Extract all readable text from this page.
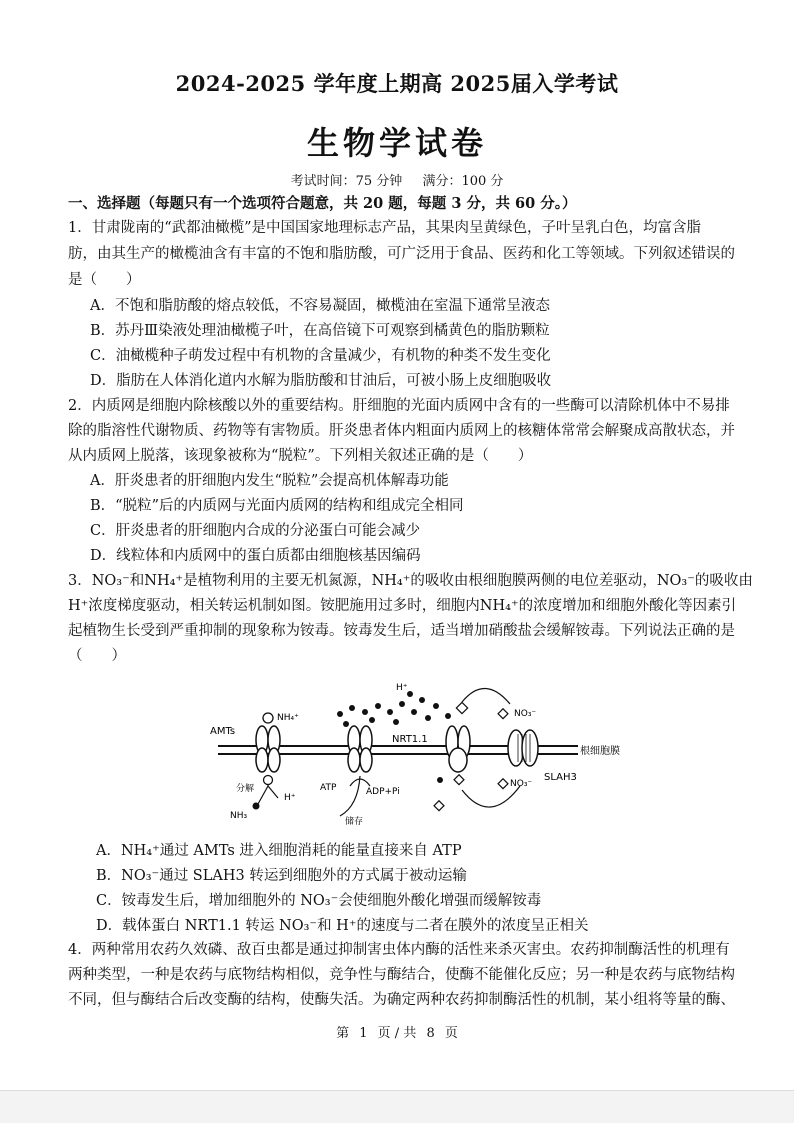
2024-2025 学年度上期高 2025届入学考试
生物学试卷
考试时间：75 分钟 满分：100 分
一、选择题（每题只有一个选项符合题意，共 20 题，每题 3 分，共 60 分。）
1．甘肃陇南的“武都油橄榄”是中国国家地理标志产品，其果肉呈黄绿色，子叶呈乳白色，均富含脂
肪，由其生产的橄榄油含有丰富的不饱和脂肪酸，可广泛用于食品、医药和化工等领域。下列叙述错误的
是（　　）
A．不饱和脂肪酸的熔点较低，不容易凝固，橄榄油在室温下通常呈液态
B．苏丹Ⅲ染液处理油橄榄子叶，在高倍镜下可观察到橘黄色的脂肪颗粒
C．油橄榄种子萌发过程中有机物的含量减少，有机物的种类不发生变化
D．脂肪在人体消化道内水解为脂肪酸和甘油后，可被小肠上皮细胞吸收
2．内质网是细胞内除核酸以外的重要结构。肝细胞的光面内质网中含有的一些酶可以清除机体中不易排
除的脂溶性代谢物质、药物等有害物质。肝炎患者体内粗面内质网上的核糖体常常会解聚成高散状态，并
从内质网上脱落，该现象被称为“脱粒”。下列相关叙述正确的是（　　）
A．肝炎患者的肝细胞内发生“脱粒”会提高机体解毒功能
B．“脱粒”后的内质网与光面内质网的结构和组成完全相同
C．肝炎患者的肝细胞内合成的分泌蛋白可能会减少
D．线粒体和内质网中的蛋白质都由细胞核基因编码
3．NO₃⁻和NH₄⁺是植物利用的主要无机氮源，NH₄⁺的吸收由根细胞膜两侧的电位差驱动，NO₃⁻的吸收由
H⁺浓度梯度驱动，相关转运机制如图。铵肥施用过多时，细胞内NH₄⁺的浓度增加和细胞外酸化等因素引
起植物生长受到严重抑制的现象称为铵毒。铵毒发生后，适当增加硝酸盐会缓解铵毒。下列说法正确的是
（　　）
根细胞膜
AMTs
NH₄⁺
分解
NH₃
H⁺
ATP	ADP+Pi
储存
H⁺
NRT1.1
NO₃⁻
SLAH3
NO₃⁻
A．NH₄⁺通过 AMTs 进入细胞消耗的能量直接来自 ATP
B．NO₃⁻通过 SLAH3 转运到细胞外的方式属于被动运输
C．铵毒发生后，增加细胞外的 NO₃⁻会使细胞外酸化增强而缓解铵毒
D．载体蛋白 NRT1.1 转运 NO₃⁻和 H⁺的速度与二者在膜外的浓度呈正相关
4．两种常用农药久效磷、敌百虫都是通过抑制害虫体内酶的活性来杀灭害虫。农药抑制酶活性的机理有
两种类型，一种是农药与底物结构相似，竞争性与酶结合，使酶不能催化反应；另一种是农药与底物结构
不同，但与酶结合后改变酶的结构，使酶失活。为确定两种农药抑制酶活性的机制，某小组将等量的酶、
第 1 页 / 共 8 页
